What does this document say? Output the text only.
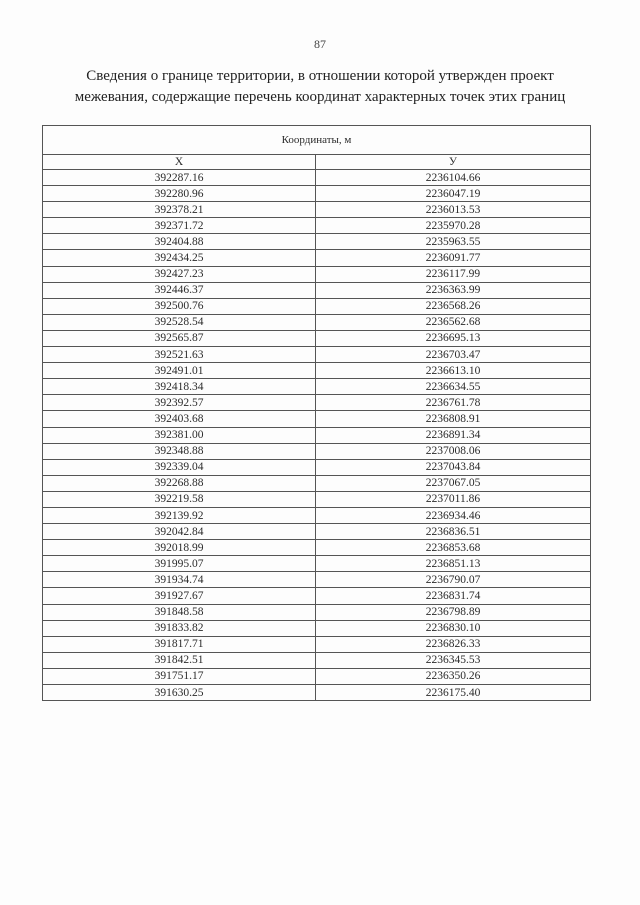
87
Сведения о границе территории, в отношении которой утвержден проект межевания, содержащие перечень координат характерных точек этих границ
Координаты, м	
X	У
392287.16	2236104.66
392280.96	2236047.19
392378.21	2236013.53
392371.72	2235970.28
392404.88	2235963.55
392434.25	2236091.77
392427.23	2236117.99
392446.37	2236363.99
392500.76	2236568.26
392528.54	2236562.68
392565.87	2236695.13
392521.63	2236703.47
392491.01	2236613.10
392418.34	2236634.55
392392.57	2236761.78
392403.68	2236808.91
392381.00	2236891.34
392348.88	2237008.06
392339.04	2237043.84
392268.88	2237067.05
392219.58	2237011.86
392139.92	2236934.46
392042.84	2236836.51
392018.99	2236853.68
391995.07	2236851.13
391934.74	2236790.07
391927.67	2236831.74
391848.58	2236798.89
391833.82	2236830.10
391817.71	2236826.33
391842.51	2236345.53
391751.17	2236350.26
391630.25	2236175.40
